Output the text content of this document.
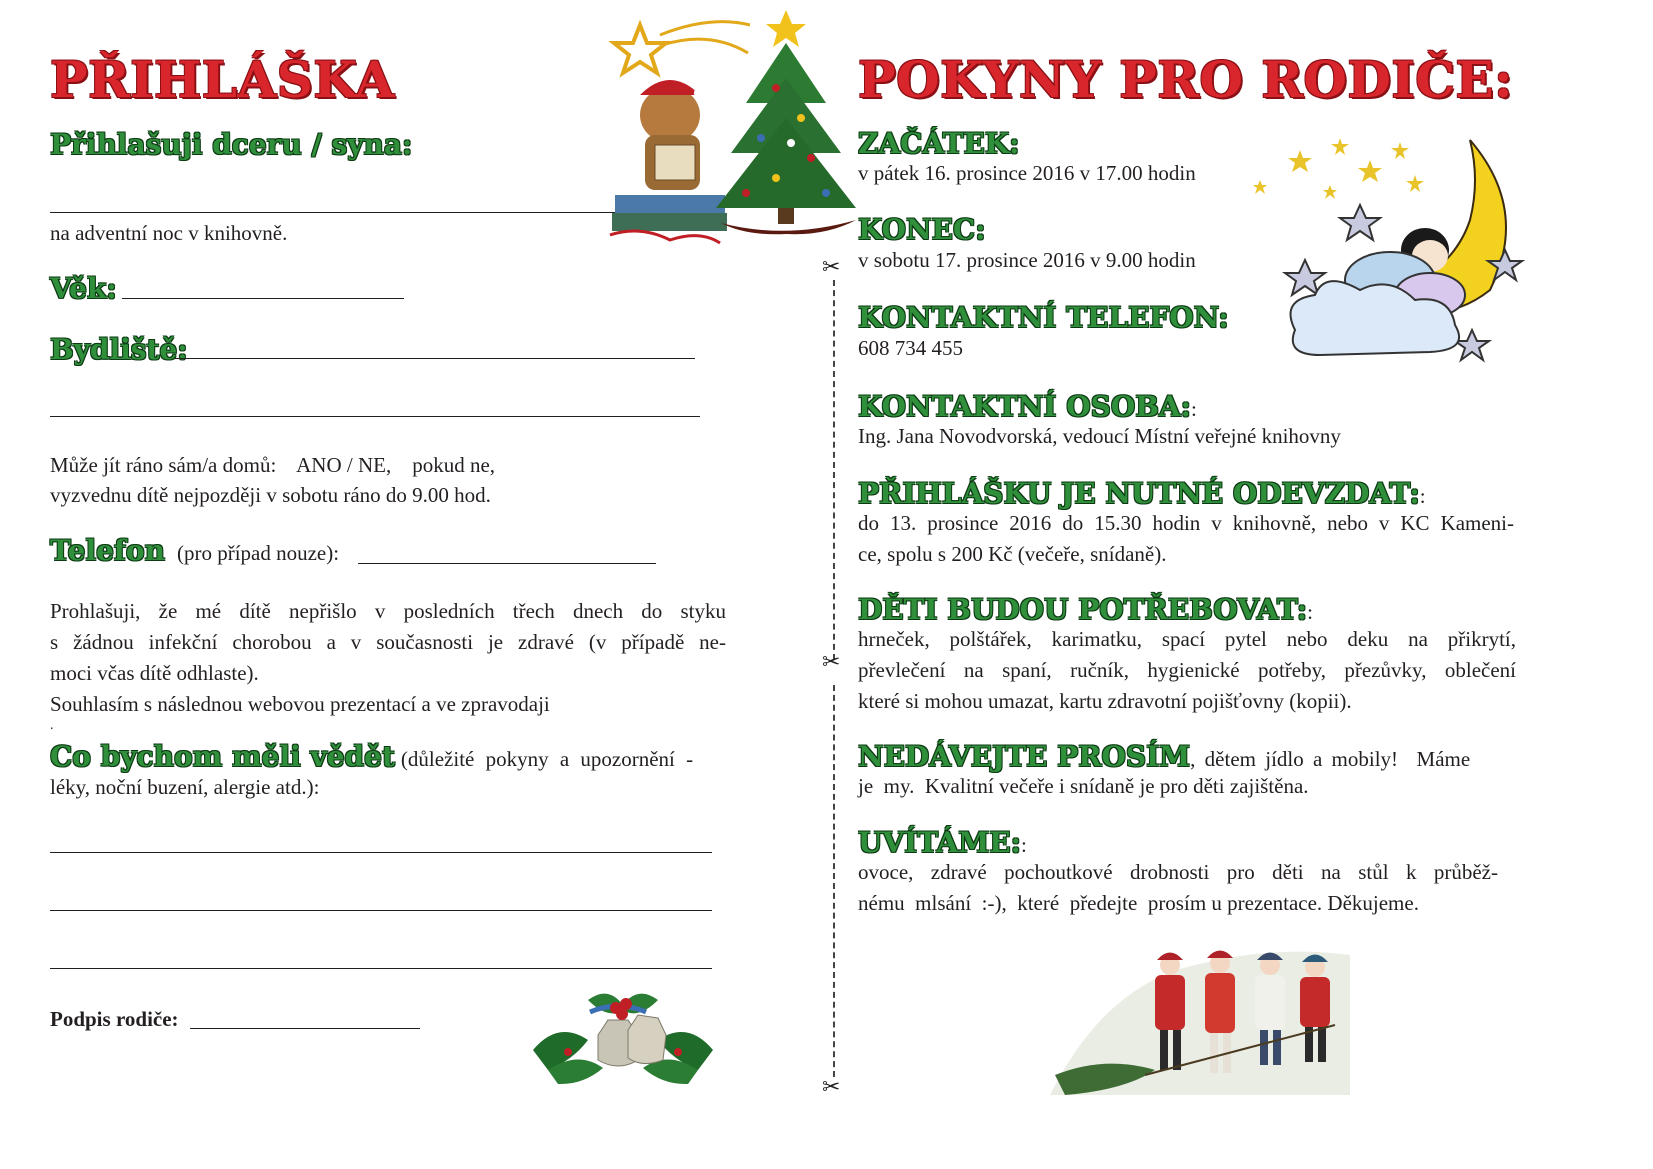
PŘIHLÁŠKA
Přihlašuji dceru / syna:
na adventní noc v knihovně.
Věk:
Bydliště:
Může jít ráno sám/a domů:    ANO / NE,    pokud ne,
vyzvednu dítě nejpozději v sobotu ráno do 9.00 hod.
Telefon (pro případ nouze):
Prohlašuji, že mé dítě nepřišlo v posledních třech dnech do styku
s žádnou infekční chorobou a v současnosti je zdravé (v případě ne-
moci včas dítě odhlaste).
Souhlasím s následnou webovou prezentací a ve zpravodaji
.
Co bychom měli vědět (důležité pokyny a upozornění -
léky, noční buzení, alergie atd.):
Podpis rodiče:
✂
✂
✂
POKYNY PRO RODIČE:
ZAČÁTEK:
v pátek 16. prosince 2016 v 17.00 hodin
KONEC:
v sobotu 17. prosince 2016 v 9.00 hodin
KONTAKTNÍ TELEFON:
608 734 455
KONTAKTNÍ OSOBA: :
Ing. Jana Novodvorská, vedoucí Místní veřejné knihovny
PŘIHLÁŠKU JE NUTNÉ ODEVZDAT: :
do 13. prosince 2016 do 15.30 hodin v knihovně, nebo v KC Kameni-
ce, spolu s 200 Kč (večeře, snídaně).
DĚTI BUDOU POTŘEBOVAT: :
hrneček, polštářek, karimatku, spací pytel nebo deku na přikrytí,
převlečení na spaní, ručník, hygienické potřeby, přezůvky, oblečení
které si mohou umazat, kartu zdravotní pojišťovny (kopii).
NEDÁVEJTE PROSÍM , dětem jídlo a mobily!  Máme
je  my.  Kvalitní večeře i snídaně je pro děti zajištěna.
UVÍTÁME: :
ovoce, zdravé pochoutkové drobnosti pro děti na stůl k průběž-
nému  mlsání  :-),  které  předejte  prosím u prezentace. Děkujeme.
